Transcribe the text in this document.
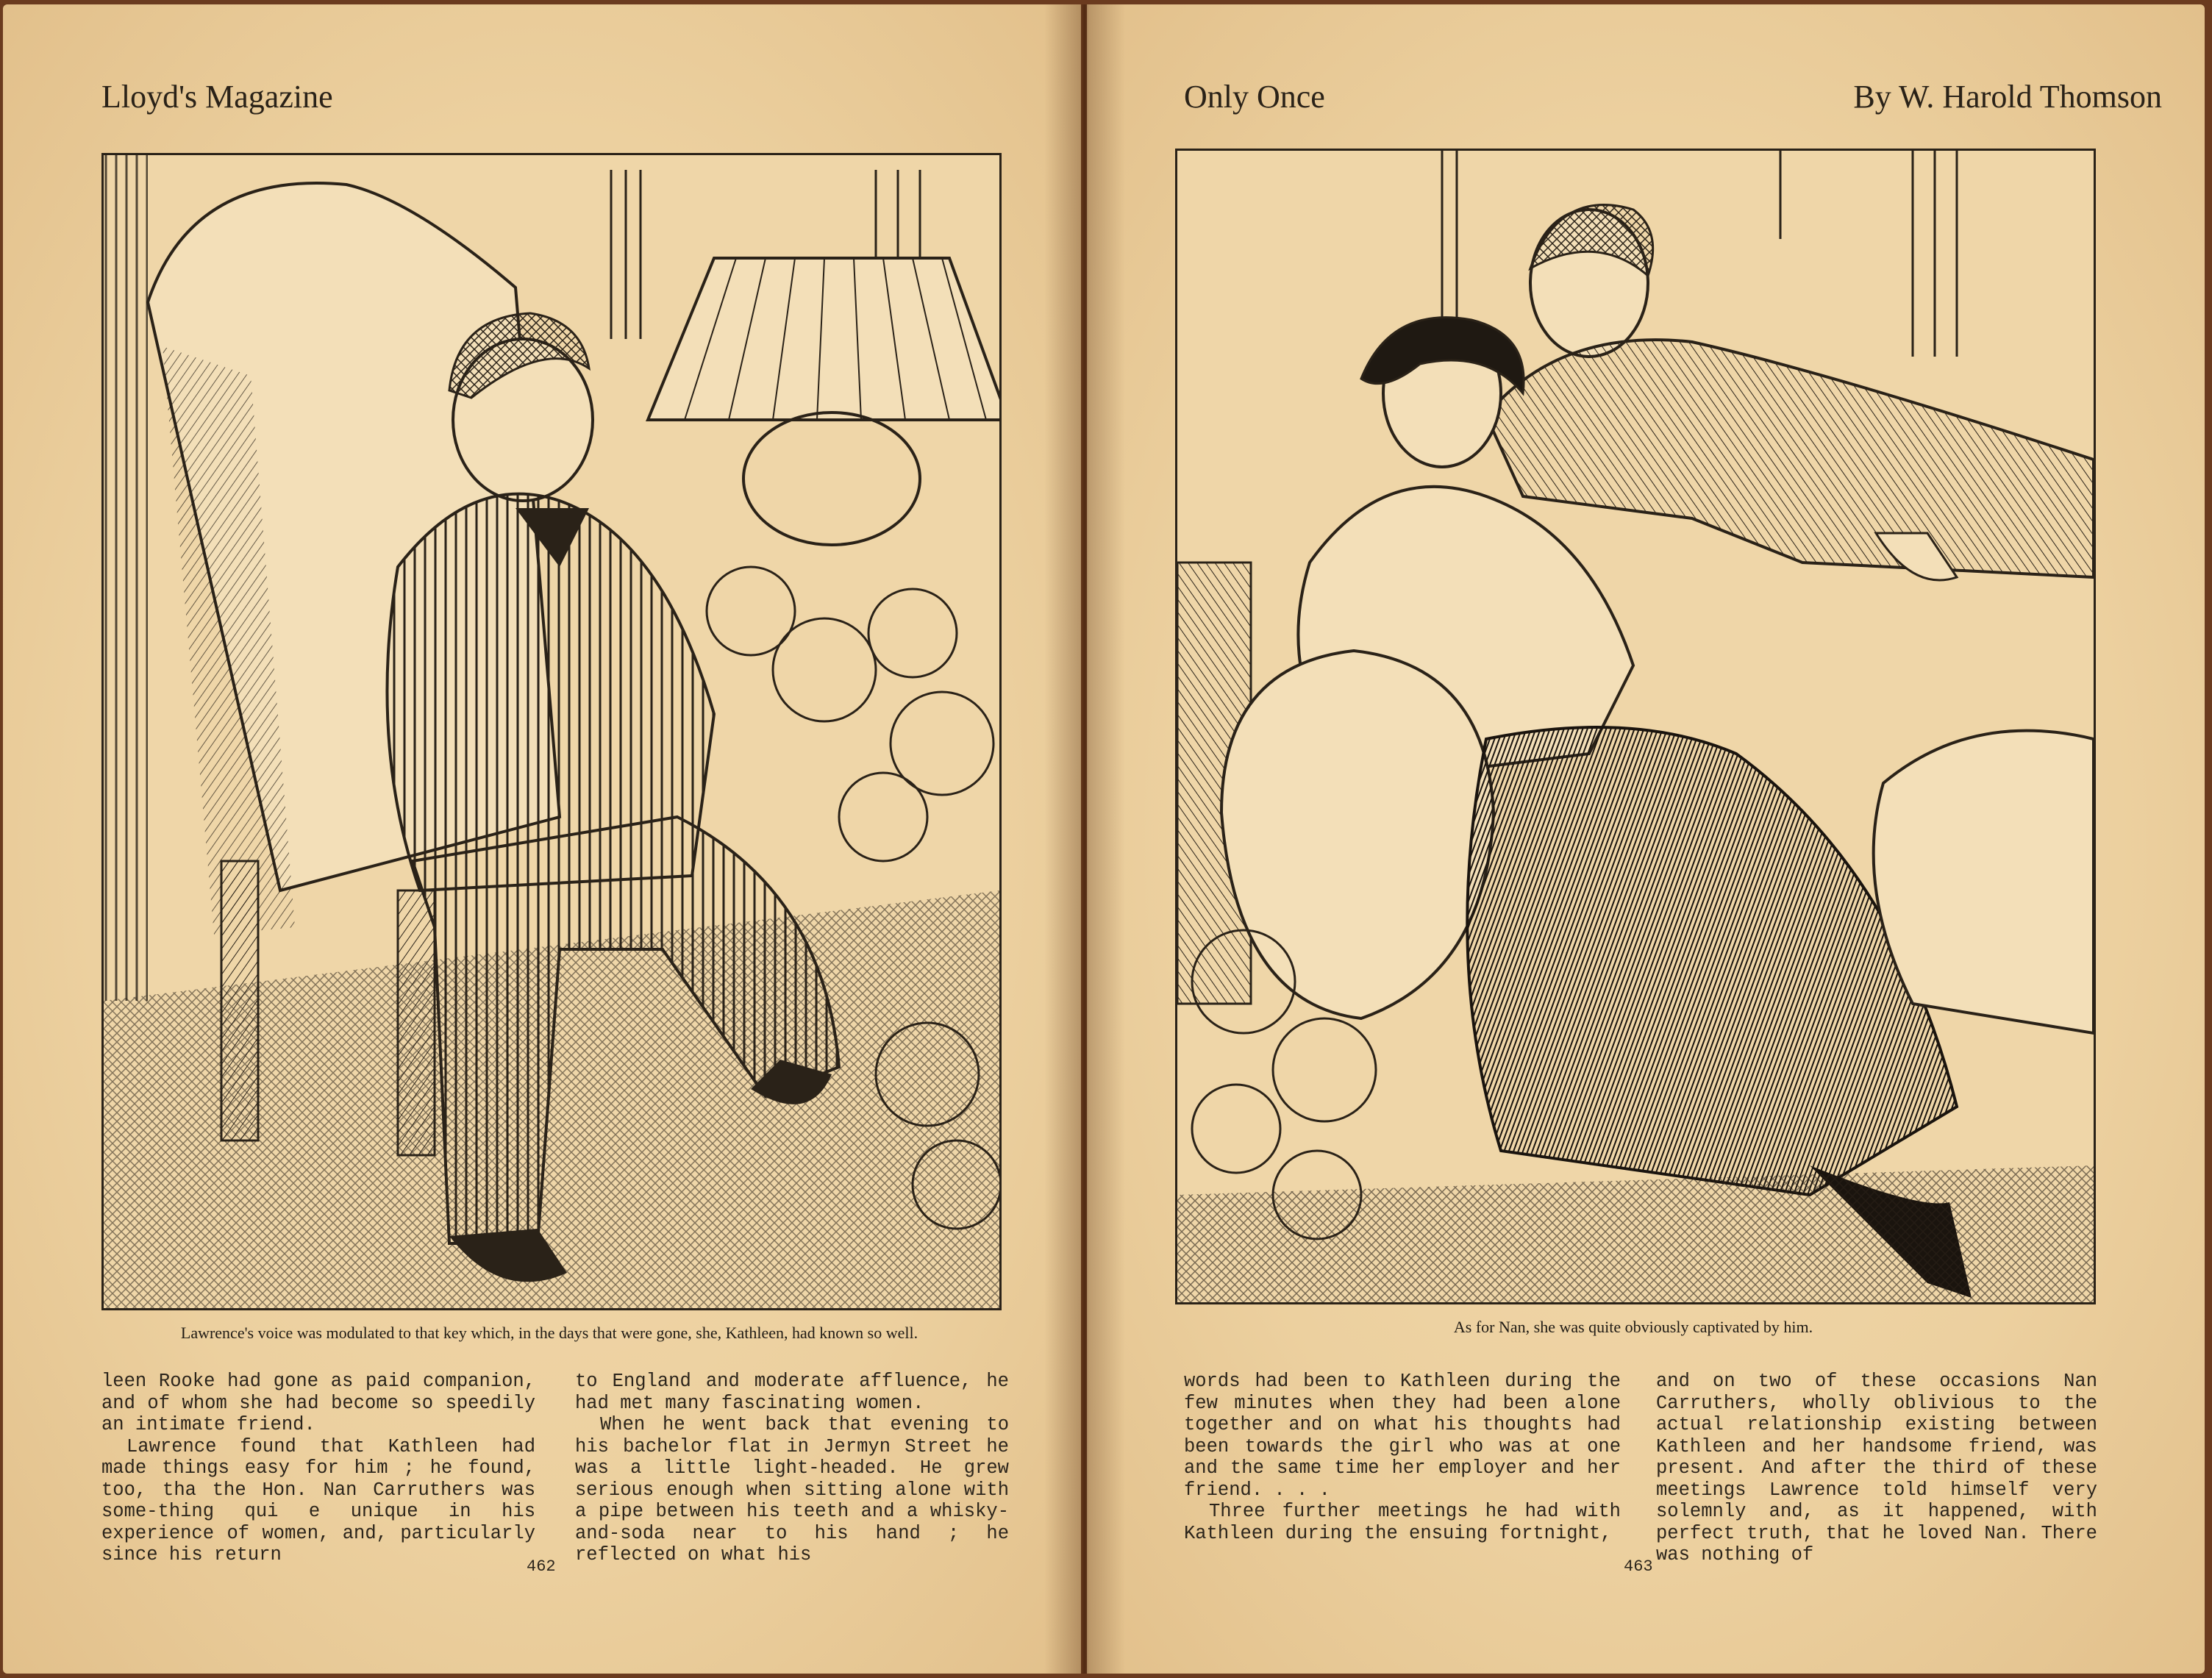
Lloyd's Magazine
Lawrence's voice was modulated to that key which, in the days that were gone, she, Kathleen, had known so well.

leen Rooke had gone as paid companion, and of whom she had become so speedily an intimate friend.

Lawrence found that Kathleen had made things easy for him ; he found, too, tha the Hon. Nan Carruthers was some-thing qui e unique in his experience of women, and, particularly since his return

to England and moderate affluence, he had met many fascinating women.

When he went back that evening to his bachelor flat in Jermyn Street he was a little light-headed. He grew serious enough when sitting alone with a pipe between his teeth and a whisky-and-soda near to his hand ; he reflected on what his

462
Only Once	By W. Harold Thomson
As for Nan, she was quite obviously captivated by him.

words had been to Kathleen during the few minutes when they had been alone together and on what his thoughts had been towards the girl who was at one and the same time her employer and her friend. . . .

Three further meetings he had with Kathleen during the ensuing fortnight,

and on two of these occasions Nan Carruthers, wholly oblivious to the actual relationship existing between Kathleen and her handsome friend, was present. And after the third of these meetings Lawrence told himself very solemnly and, as it happened, with perfect truth, that he loved Nan. There was nothing of

463
